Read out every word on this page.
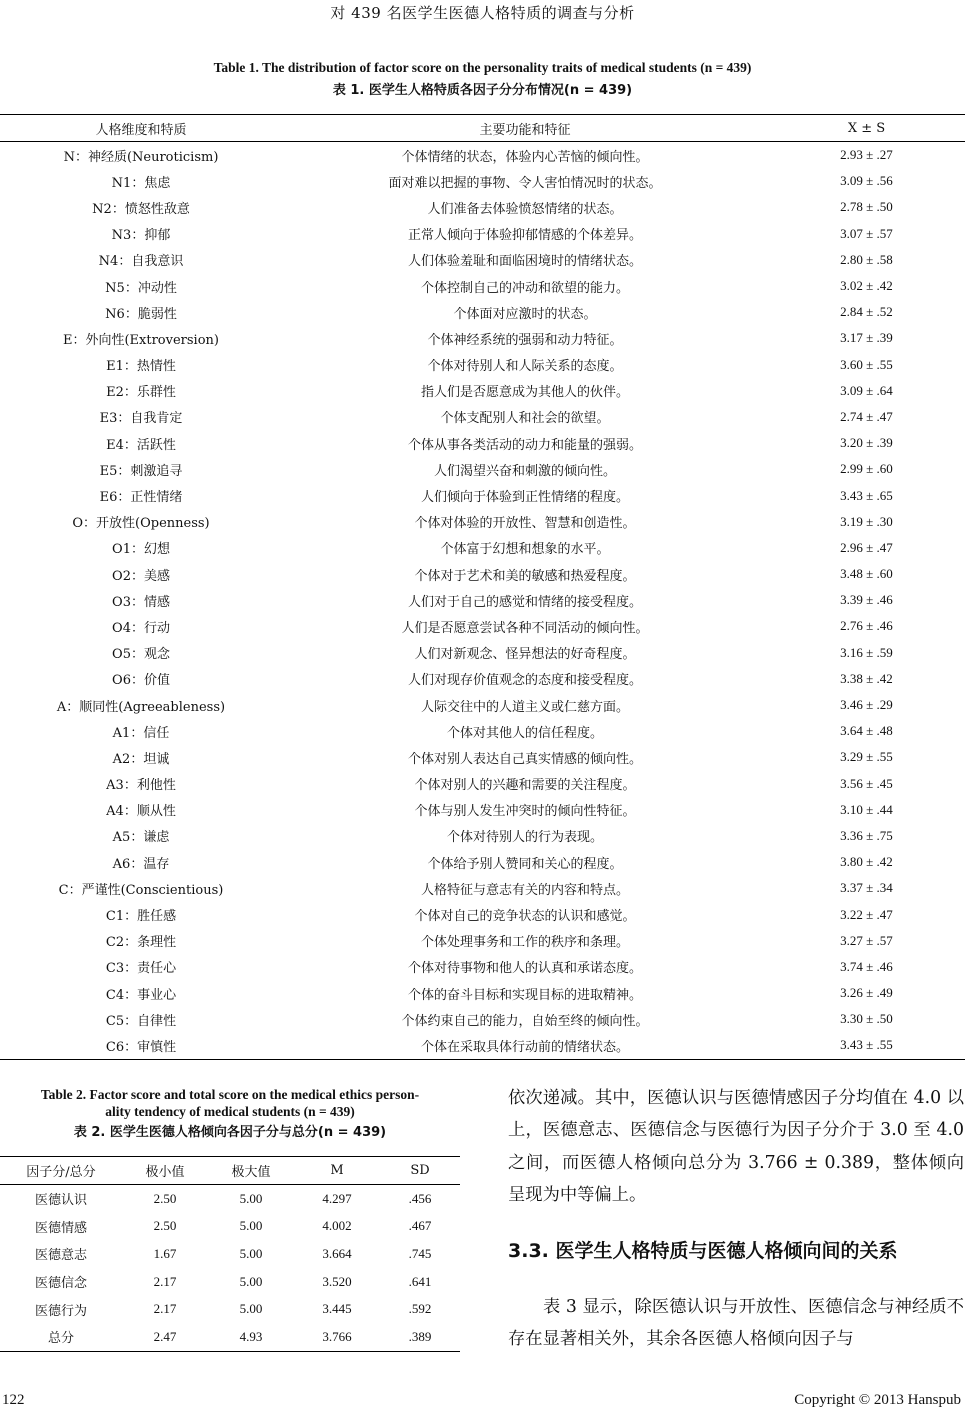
对 439 名医学生医德人格特质的调查与分析
Table 1. The distribution of factor score on the personality traits of medical students (n = 439)
表 1. 医学生人格特质各因子分分布情况(n = 439)
人格维度和特质	主要功能和特征	X ± S
N：神经质(Neuroticism)	个体情绪的状态，体验内心苦恼的倾向性。	2.93 ± .27
N1：焦虑	面对难以把握的事物、令人害怕情况时的状态。	3.09 ± .56
N2：愤怒性敌意	人们准备去体验愤怒情绪的状态。	2.78 ± .50
N3：抑郁	正常人倾向于体验抑郁情感的个体差异。	3.07 ± .57
N4：自我意识	人们体验羞耻和面临困境时的情绪状态。	2.80 ± .58
N5：冲动性	个体控制自己的冲动和欲望的能力。	3.02 ± .42
N6：脆弱性	个体面对应激时的状态。	2.84 ± .52
E：外向性(Extroversion)	个体神经系统的强弱和动力特征。	3.17 ± .39
E1：热情性	个体对待别人和人际关系的态度。	3.60 ± .55
E2：乐群性	指人们是否愿意成为其他人的伙伴。	3.09 ± .64
E3：自我肯定	个体支配别人和社会的欲望。	2.74 ± .47
E4：活跃性	个体从事各类活动的动力和能量的强弱。	3.20 ± .39
E5：刺激追寻	人们渴望兴奋和刺激的倾向性。	2.99 ± .60
E6：正性情绪	人们倾向于体验到正性情绪的程度。	3.43 ± .65
O：开放性(Openness)	个体对体验的开放性、智慧和创造性。	3.19 ± .30
O1：幻想	个体富于幻想和想象的水平。	2.96 ± .47
O2：美感	个体对于艺术和美的敏感和热爱程度。	3.48 ± .60
O3：情感	人们对于自己的感觉和情绪的接受程度。	3.39 ± .46
O4：行动	人们是否愿意尝试各种不同活动的倾向性。	2.76 ± .46
O5：观念	人们对新观念、怪异想法的好奇程度。	3.16 ± .59
O6：价值	人们对现存价值观念的态度和接受程度。	3.38 ± .42
A：顺同性(Agreeableness)	人际交往中的人道主义或仁慈方面。	3.46 ± .29
A1：信任	个体对其他人的信任程度。	3.64 ± .48
A2：坦诚	个体对别人表达自己真实情感的倾向性。	3.29 ± .55
A3：利他性	个体对别人的兴趣和需要的关注程度。	3.56 ± .45
A4：顺从性	个体与别人发生冲突时的倾向性特征。	3.10 ± .44
A5：谦虑	个体对待别人的行为表现。	3.36 ± .75
A6：温存	个体给予别人赞同和关心的程度。	3.80 ± .42
C：严谨性(Conscientious)	人格特征与意志有关的内容和特点。	3.37 ± .34
C1：胜任感	个体对自己的竞争状态的认识和感觉。	3.22 ± .47
C2：条理性	个体处理事务和工作的秩序和条理。	3.27 ± .57
C3：责任心	个体对待事物和他人的认真和承诺态度。	3.74 ± .46
C4：事业心	个体的奋斗目标和实现目标的进取精神。	3.26 ± .49
C5：自律性	个体约束自己的能力，自始至终的倾向性。	3.30 ± .50
C6：审慎性	个体在采取具体行动前的情绪状态。	3.43 ± .55
Table 2. Factor score and total score on the medical ethics person-
ality tendency of medical students (n = 439)
表 2. 医学生医德人格倾向各因子分与总分(n = 439)
因子分/总分	极小值	极大值	M	SD
医德认识	2.50	5.00	4.297	.456
医德情感	2.50	5.00	4.002	.467
医德意志	1.67	5.00	3.664	.745
医德信念	2.17	5.00	3.520	.641
医德行为	2.17	5.00	3.445	.592
总分	2.47	4.93	3.766	.389

依次递减。其中，医德认识与医德情感因子分均值在 4.0 以上，医德意志、医德信念与医德行为因子分介于 3.0 至 4.0 之间，而医德人格倾向总分为 3.766 ± 0.389，整体倾向呈现为中等偏上。

3.3. 医学生人格特质与医德人格倾向间的关系

表 3 显示，除医德认识与开放性、医德信念与神经质不存在显著相关外，其余各医德人格倾向因子与

122	Copyright © 2013 Hanspub
